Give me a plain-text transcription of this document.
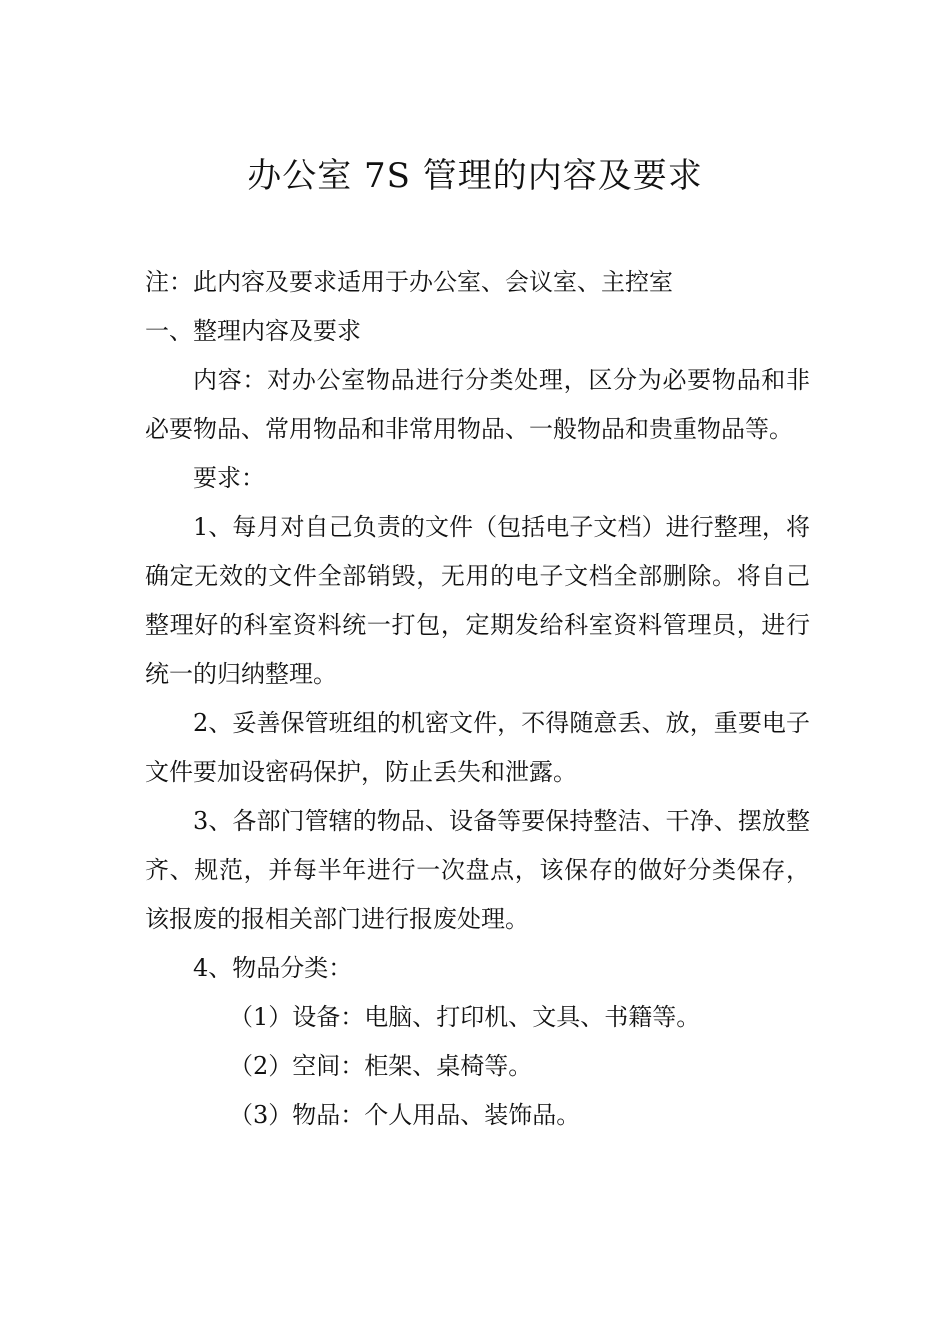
办公室 7S 管理的内容及要求

注：此内容及要求适用于办公室、会议室、主控室

一、整理内容及要求

内容：对办公室物品进行分类处理，区分为必要物品和非必要物品、常用物品和非常用物品、一般物品和贵重物品等。

要求：

1、每月对自己负责的文件（包括电子文档）进行整理，将确定无效的文件全部销毁，无用的电子文档全部删除。将自己整理好的科室资料统一打包，定期发给科室资料管理员，进行统一的归纳整理。

2、妥善保管班组的机密文件，不得随意丢、放，重要电子文件要加设密码保护，防止丢失和泄露。

3、各部门管辖的物品、设备等要保持整洁、干净、摆放整齐、规范，并每半年进行一次盘点，该保存的做好分类保存，该报废的报相关部门进行报废处理。

4、物品分类：

（1）设备：电脑、打印机、文具、书籍等。

（2）空间：柜架、桌椅等。

（3）物品：个人用品、装饰品。
